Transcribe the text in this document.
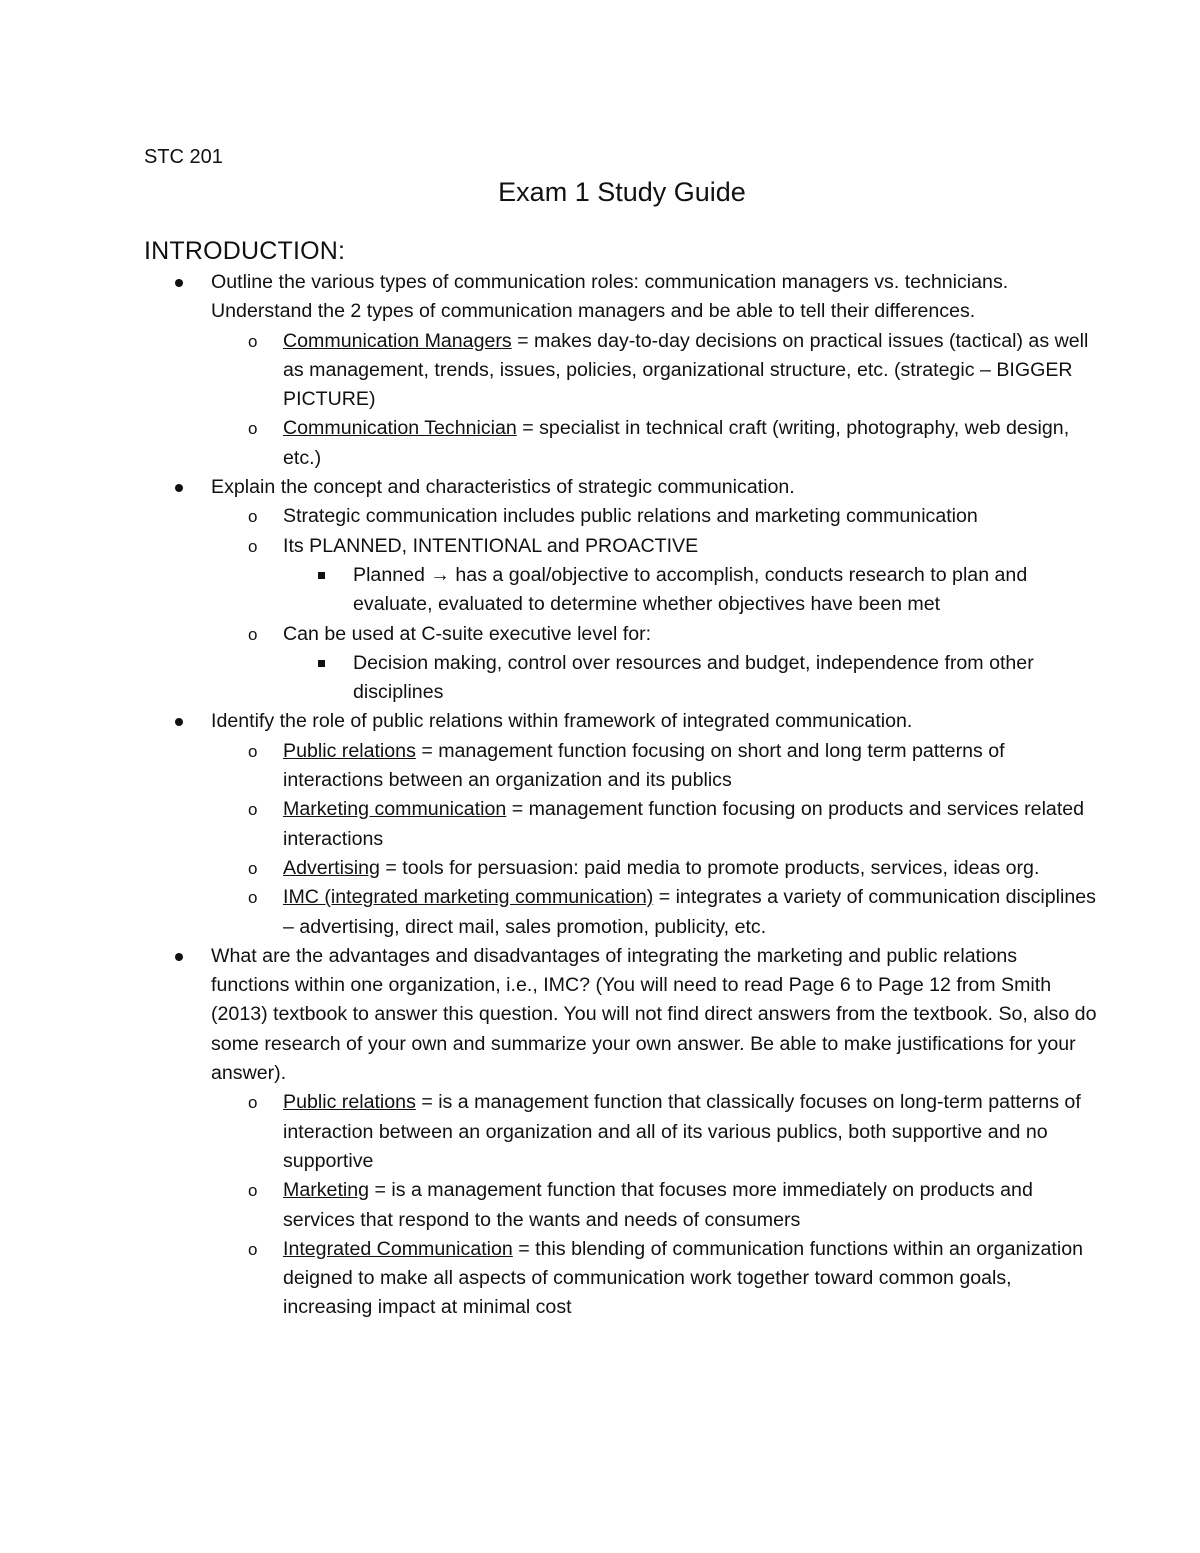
STC 201

Exam 1 Study Guide
INTRODUCTION:
Outline the various types of communication roles: communication managers vs. technicians. Understand the 2 types of communication managers and be able to tell their differences.
o Communication Managers = makes day-to-day decisions on practical issues (tactical) as well as management, trends, issues, policies, organizational structure, etc. (strategic – BIGGER PICTURE)
o Communication Technician = specialist in technical craft (writing, photography, web design, etc.)
Explain the concept and characteristics of strategic communication.
o Strategic communication includes public relations and marketing communication
o Its PLANNED, INTENTIONAL and PROACTIVE
Planned → has a goal/objective to accomplish, conducts research to plan and evaluate, evaluated to determine whether objectives have been met
o Can be used at C-suite executive level for:
Decision making, control over resources and budget, independence from other disciplines
Identify the role of public relations within framework of integrated communication.
o Public relations = management function focusing on short and long term patterns of interactions between an organization and its publics
o Marketing communication = management function focusing on products and services related interactions
o Advertising = tools for persuasion: paid media to promote products, services, ideas org.
o IMC (integrated marketing communication) = integrates a variety of communication disciplines – advertising, direct mail, sales promotion, publicity, etc.
What are the advantages and disadvantages of integrating the marketing and public relations functions within one organization, i.e., IMC? (You will need to read Page 6 to Page 12 from Smith (2013) textbook to answer this question. You will not find direct answers from the textbook. So, also do some research of your own and summarize your own answer. Be able to make justifications for your answer).
o Public relations = is a management function that classically focuses on long-term patterns of interaction between an organization and all of its various publics, both supportive and no supportive
o Marketing = is a management function that focuses more immediately on products and services that respond to the wants and needs of consumers
o Integrated Communication = this blending of communication functions within an organization deigned to make all aspects of communication work together toward common goals, increasing impact at minimal cost
